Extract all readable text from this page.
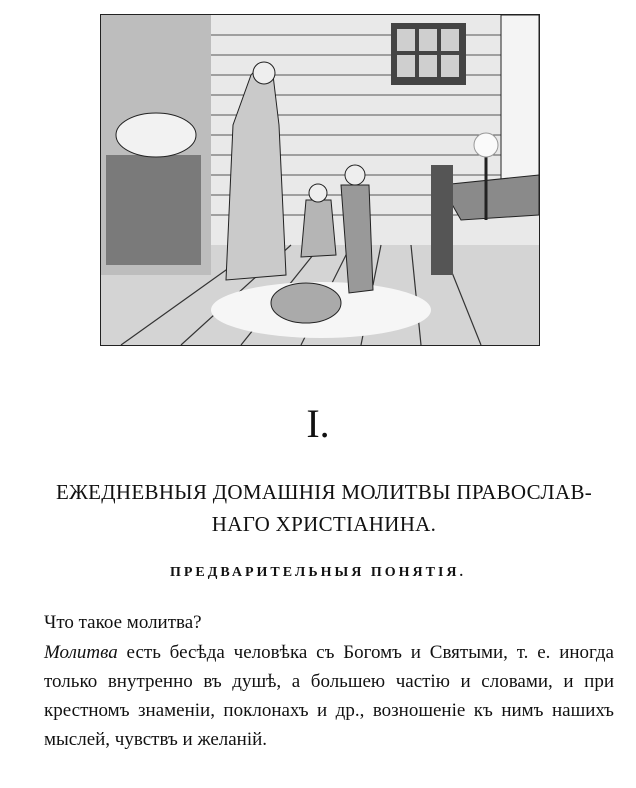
I.
ЕЖЕДНЕВНЫЯ ДОМАШНІЯ МОЛИТВЫ ПРАВОСЛАВ-
НАГО ХРИСТІАНИНА.
ПРЕДВАРИТЕЛЬНЫЯ ПОНЯТІЯ.
Что такое молитва?
Молитва есть бесѣда человѣка съ Богомъ и Святыми, т. е. иногда только внутренно въ душѣ, а большею частію и словами, и при крестномъ знаменіи, поклонахъ и др., возношеніе къ нимъ нашихъ мыслей, чувствъ и желаній.
